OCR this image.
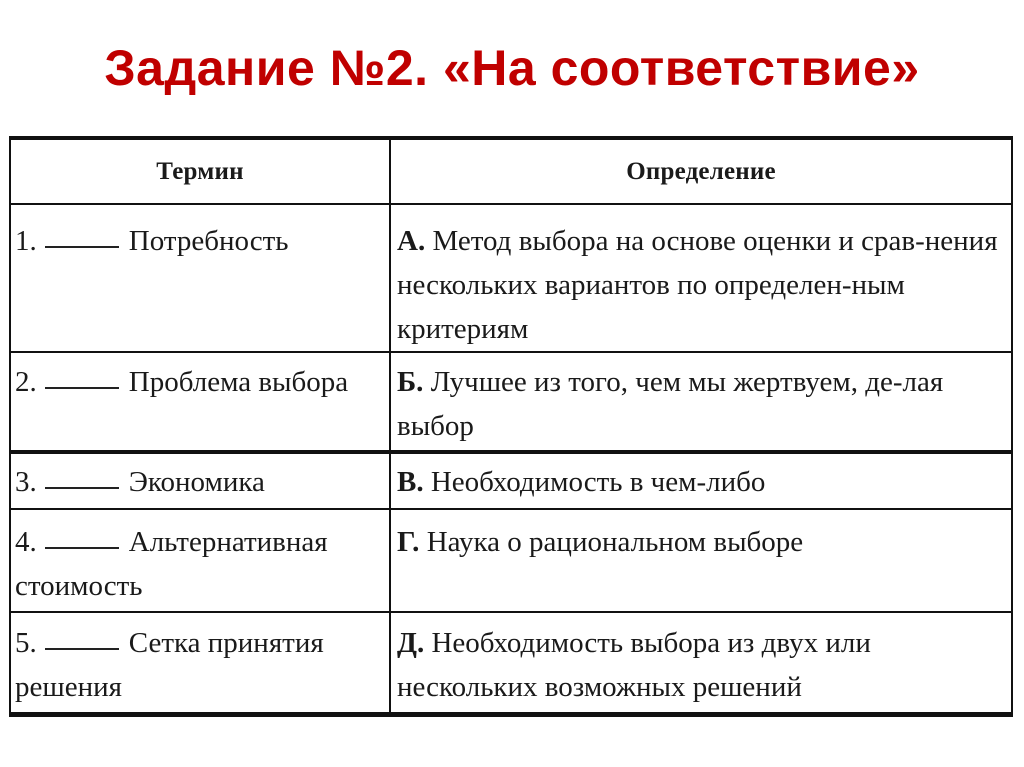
Задание №2. «На соответствие»
Термин	Определение
1. Потребность	А. Метод выбора на основе оценки и срав-нения нескольких вариантов по определен-ным критериям
2. Проблема выбора	Б. Лучшее из того, чем мы жертвуем, де-лая выбор
3. Экономика	В. Необходимость в чем-либо
4. Альтернативная стоимость	Г. Наука о рациональном выборе
5. Сетка принятия решения	Д. Необходимость выбора из двух или нескольких возможных решений
